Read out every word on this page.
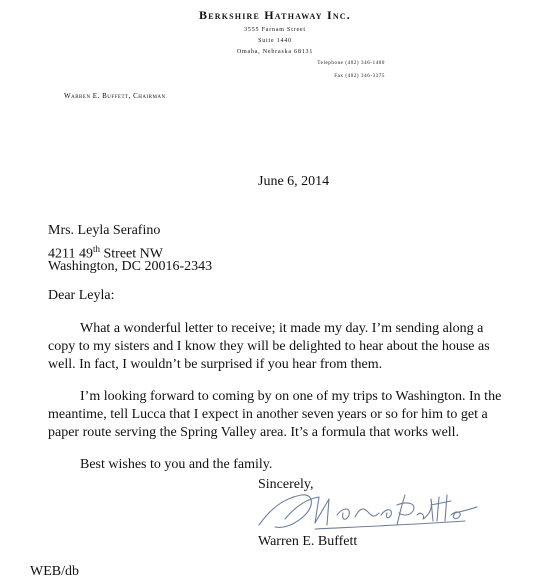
Berkshire Hathaway Inc.
3555 Farnam Street
Suite 1440
Omaha, Nebraska 68131
Telephone (402) 346-1400
Fax (402) 346-3375
Warren E. Buffett, Chairman
June 6, 2014
Mrs. Leyla Serafino
4211 49th Street NW
Washington, DC 20016-2343
Dear Leyla:
What a wonderful letter to receive; it made my day. I’m sending along a
copy to my sisters and I know they will be delighted to hear about the house as
well. In fact, I wouldn’t be surprised if you hear from them.
I’m looking forward to coming by on one of my trips to Washington. In the
meantime, tell Lucca that I expect in another seven years or so for him to get a
paper route serving the Spring Valley area. It’s a formula that works well.
Best wishes to you and the family.
Sincerely,
Warren E. Buffett
WEB/db
